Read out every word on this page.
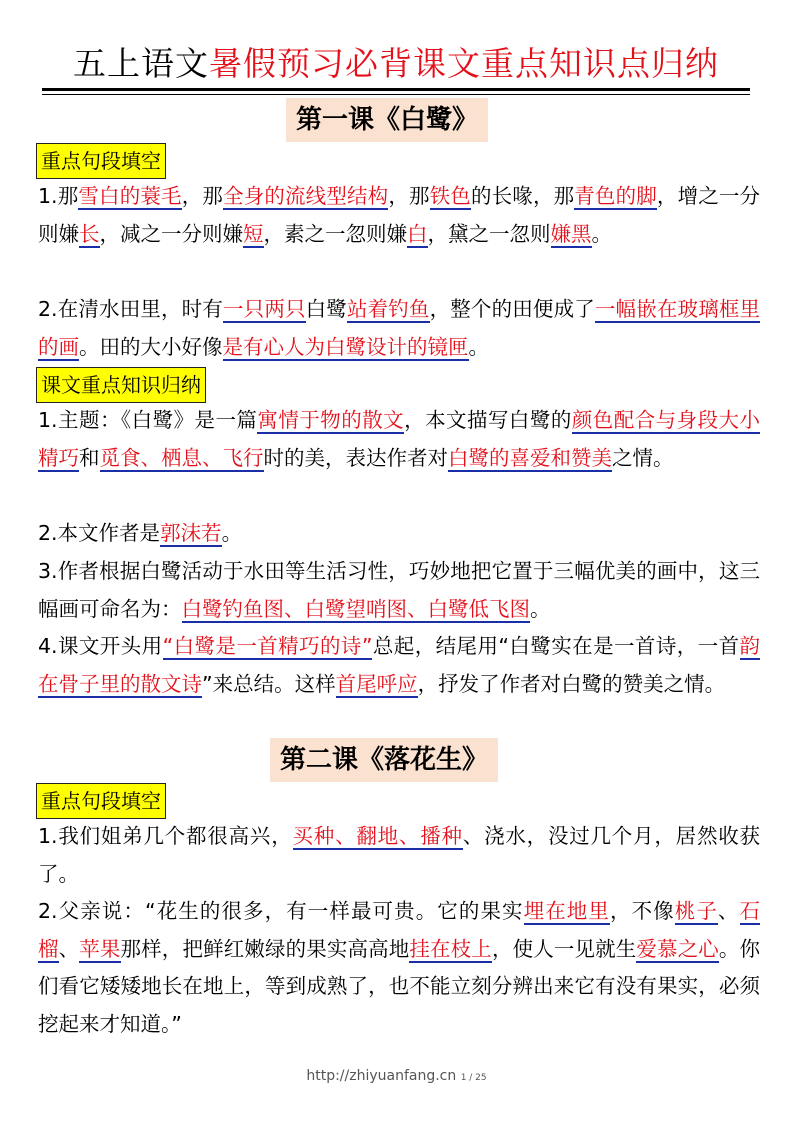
五上语文暑假预习必背课文重点知识点归纳
第一课《白鹭》
重点句段填空
1.那雪白的蓑毛，那全身的流线型结构，那铁色的长喙，那青色的脚，增之一分则嫌长，减之一分则嫌短，素之一忽则嫌白，黛之一忽则嫌黑。
2.在清水田里，时有一只两只白鹭站着钓鱼，整个的田便成了一幅嵌在玻璃框里的画。田的大小好像是有心人为白鹭设计的镜匣。
课文重点知识归纳
1.主题：《白鹭》是一篇寓情于物的散文，本文描写白鹭的颜色配合与身段大小精巧和觅食、栖息、飞行时的美，表达作者对白鹭的喜爱和赞美之情。
2.本文作者是郭沫若。
3.作者根据白鹭活动于水田等生活习性，巧妙地把它置于三幅优美的画中，这三幅画可命名为：白鹭钓鱼图、白鹭望哨图、白鹭低飞图。
4.课文开头用“白鹭是一首精巧的诗”总起，结尾用“白鹭实在是一首诗，一首韵在骨子里的散文诗”来总结。这样首尾呼应，抒发了作者对白鹭的赞美之情。
第二课《落花生》
重点句段填空
1.我们姐弟几个都很高兴，买种、翻地、播种、浇水，没过几个月，居然收获了。
2.父亲说：“花生的很多，有一样最可贵。它的果实埋在地里，不像桃子、石榴、苹果那样，把鲜红嫩绿的果实高高地挂在枝上，使人一见就生爱慕之心。你们看它矮矮地长在地上，等到成熟了，也不能立刻分辨出来它有没有果实，必须挖起来才知道。”
http://zhiyuanfang.cn 1 / 25
